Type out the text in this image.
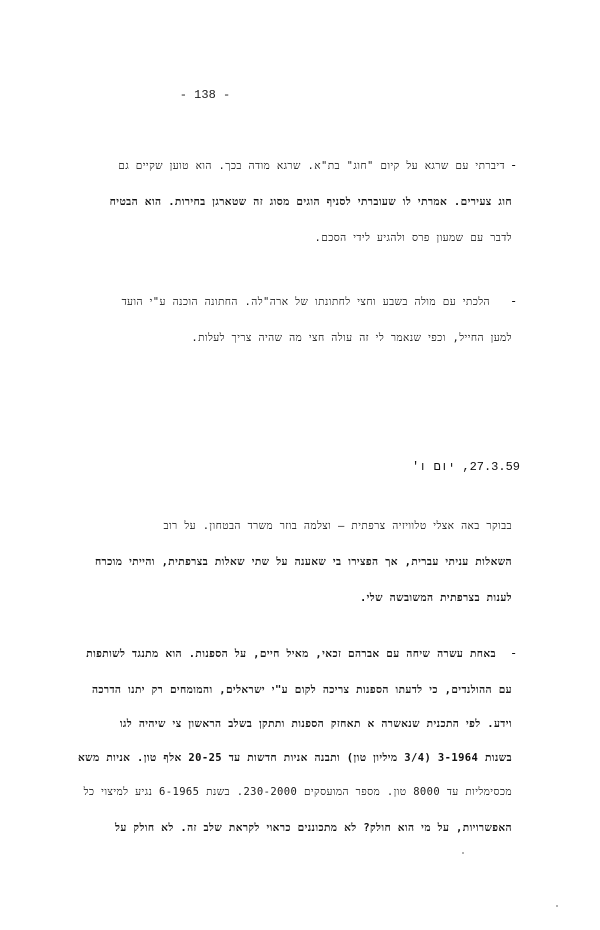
- 138 -
-
דיברתי עם שרגא על קיום "חוג" בת"א. שרגא מודה בכך. הוא טוען שקיים גם
חוג צעירים. אמרתי לו שעוברתי לסניף הוגים מסוג זה שטארגן בחירות. הוא הבטיח
לדבר עם שמעון פרס ולהגיע לידי הסכם.
-
הלכתי עם מולה בשבע וחצי לחתונתו של ארה"לה. החתונה הוכנה ע"י הועד
למען החייל, וכפי שנאמר לי זה עולה חצי מה שהיה צריך לעלות.
27.3.59, יום ו'
בבוקר באה אצלי טלוויזיה צרפתית – וצלמה בוזר משרד הבטחון. על רוב
השאלות עניתי עברית, אך הפצירו בי שאענה על שתי שאלות בצרפתית, והייתי מוכרח
לענות בצרפתית המשובשה שלי.
-
באחת עשרה שיחה עם אברהם זכאי, מאיל חיים, על הספנות. הוא מתנגד לשותפות
עם ההולנדים, כי לדעתו הספנות צריכה לקום ע"י ישראלים, והמומחים רק יתנו הדרכה
וידע. לפי התכנית שנאשרה א תאחזק הספנות ותתקן בשלב הראשון צי שיהיה לגו
בשנות 3-1964 (3/4 מיליון טון) ותבנה אניות חדשות עד 20-25 אלף טון. אניות משא
מכסימליות עד 8000 טון. מספר המועסקים 230-2000. בשנת 6-1965 נגיע למיצוי כל
האפשרויות, על מי הוא חולק? לא מתכוננים כראוי לקראת שלב זה. לא חולק על
